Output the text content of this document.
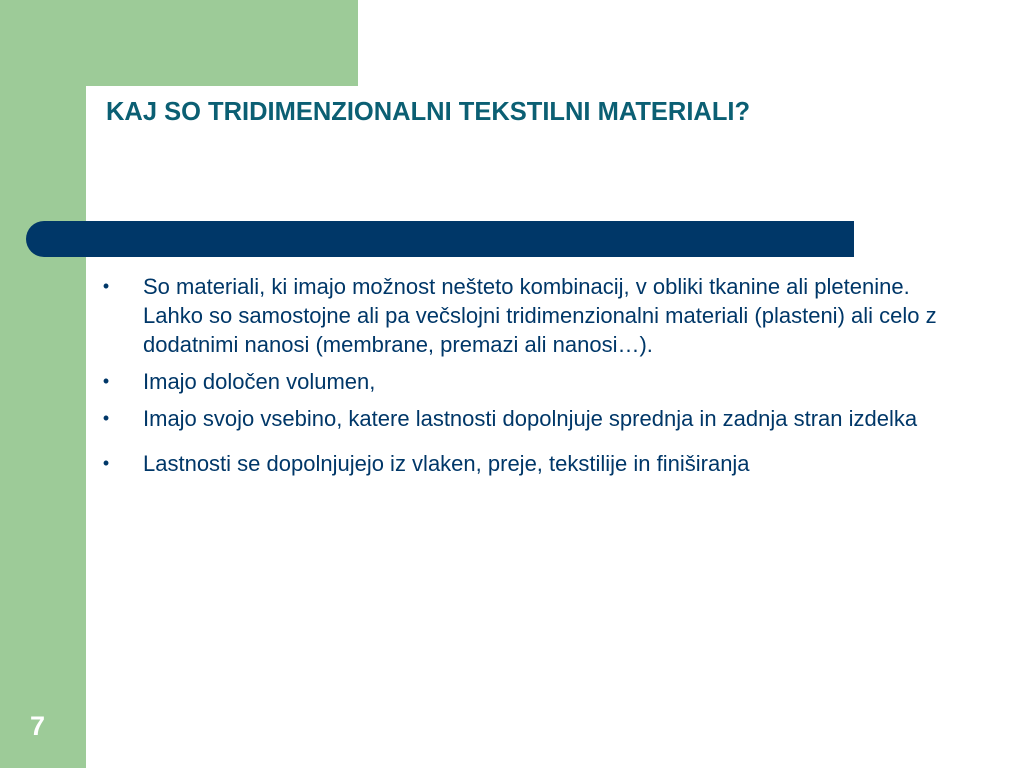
KAJ SO TRIDIMENZIONALNI TEKSTILNI MATERIALI?
• So materiali, ki imajo možnost nešteto kombinacij, v obliki tkanine ali pletenine. Lahko so samostojne ali pa večslojni tridimenzionalni materiali (plasteni) ali celo z dodatnimi nanosi (membrane, premazi ali nanosi…).
• Imajo določen volumen,
• Imajo svojo vsebino, katere lastnosti dopolnjuje sprednja in zadnja stran izdelka
• Lastnosti se dopolnjujejo iz vlaken, preje, tekstilije in finiširanja
7
